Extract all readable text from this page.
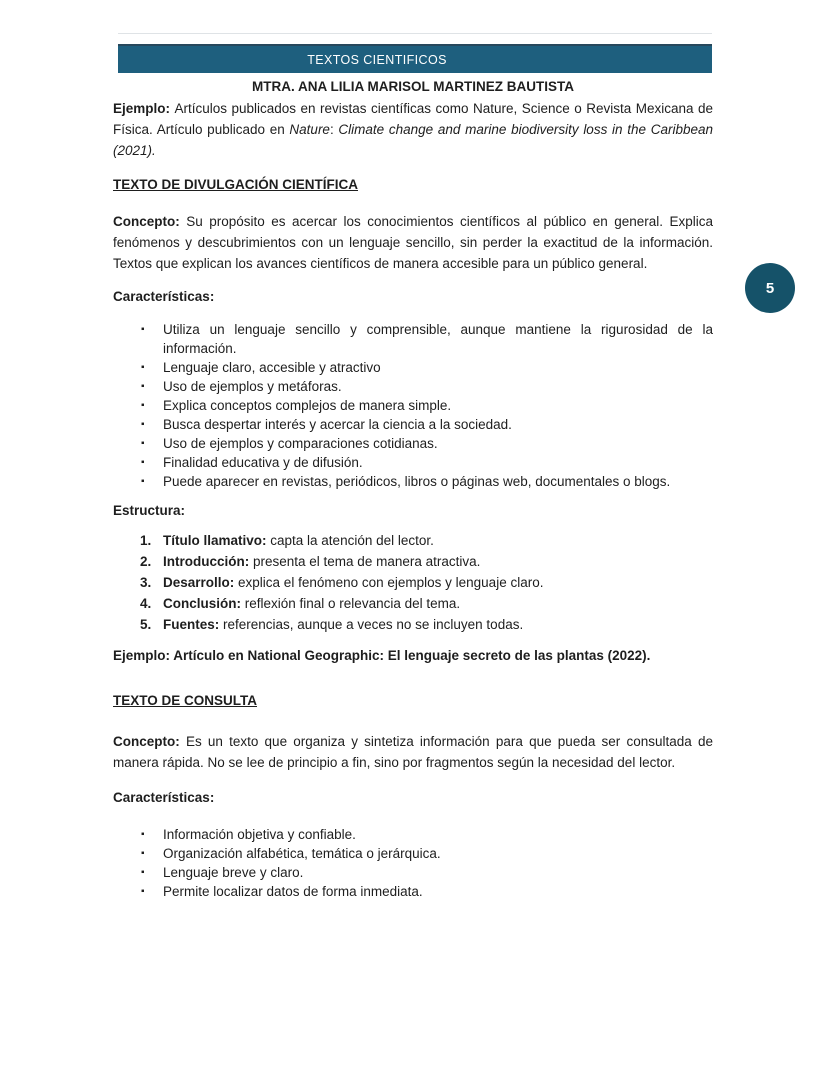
TEXTOS CIENTIFICOS
MTRA. ANA LILIA MARISOL MARTINEZ BAUTISTA

Ejemplo: Artículos publicados en revistas científicas como Nature, Science o Revista Mexicana de Física. Artículo publicado en Nature: Climate change and marine biodiversity loss in the Caribbean (2021).

TEXTO DE DIVULGACIÓN CIENTÍFICA

Concepto: Su propósito es acercar los conocimientos científicos al público en general. Explica fenómenos y descubrimientos con un lenguaje sencillo, sin perder la exactitud de la información. Textos que explican los avances científicos de manera accesible para un público general.

Características:
▪ Utiliza un lenguaje sencillo y comprensible, aunque mantiene la rigurosidad de la información.
▪ Lenguaje claro, accesible y atractivo
▪ Uso de ejemplos y metáforas.
▪ Explica conceptos complejos de manera simple.
▪ Busca despertar interés y acercar la ciencia a la sociedad.
▪ Uso de ejemplos y comparaciones cotidianas.
▪ Finalidad educativa y de difusión.
▪ Puede aparecer en revistas, periódicos, libros o páginas web, documentales o blogs.
Estructura:
1. Título llamativo: capta la atención del lector.
2. Introducción: presenta el tema de manera atractiva.
3. Desarrollo: explica el fenómeno con ejemplos y lenguaje claro.
4. Conclusión: reflexión final o relevancia del tema.
5. Fuentes: referencias, aunque a veces no se incluyen todas.

Ejemplo: Artículo en National Geographic: El lenguaje secreto de las plantas (2022).

TEXTO DE CONSULTA

Concepto: Es un texto que organiza y sintetiza información para que pueda ser consultada de manera rápida. No se lee de principio a fin, sino por fragmentos según la necesidad del lector.

Características:
▪ Información objetiva y confiable.
▪ Organización alfabética, temática o jerárquica.
▪ Lenguaje breve y claro.
▪ Permite localizar datos de forma inmediata.
5
